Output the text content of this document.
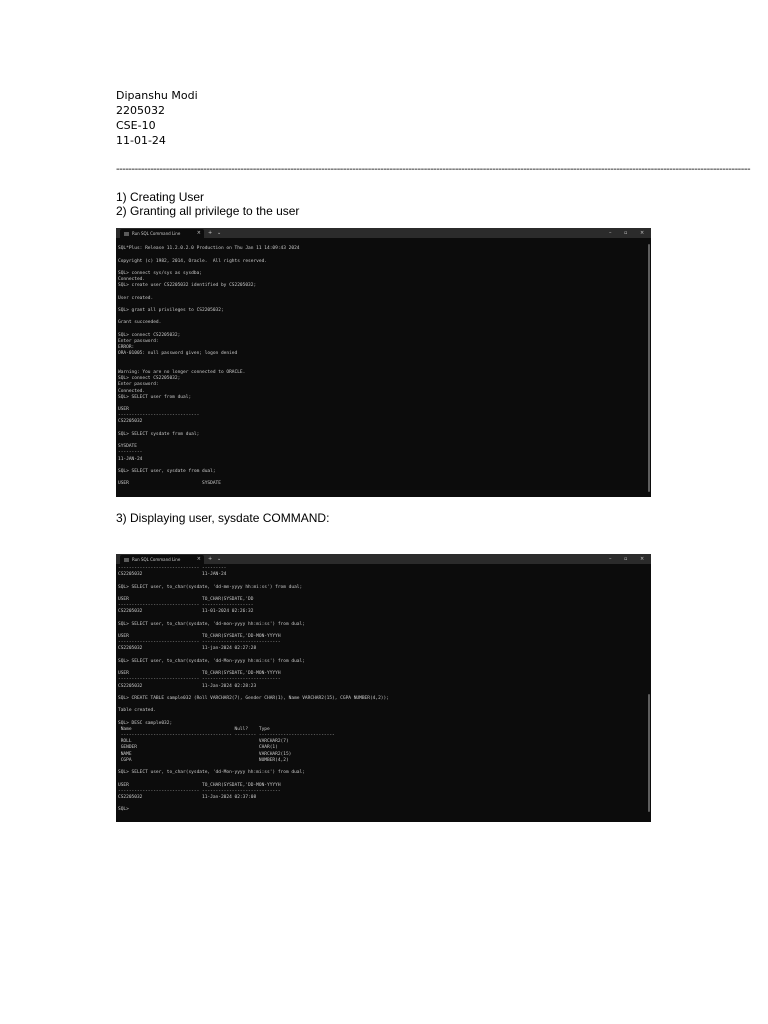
Dipanshu Modi
2205032
CSE-10
11-01-24
------------------------------------------------------------------------------------------------------------------------------------------------------------------------------------------------------------
1) Creating User
2) Granting all privilege to the user
Run SQL Command Line	× + ⌄	–	▫	×
SQL*Plus: Release 11.2.0.2.0 Production on Thu Jan 11 14:09:43 2024
Copyright (c) 1982, 2014, Oracle.  All rights reserved.
SQL> connect sys/sys as sysdba;
Connected.
SQL> create user CS2205032 identified by CS2205032;
User created.
SQL> grant all privileges to CS2205032;
Grant succeeded.
SQL> connect CS2205032;
Enter password:
ERROR:
ORA-01005: null password given; logon denied
Warning: You are no longer connected to ORACLE.
SQL> connect CS2205032;
Enter password:
Connected.
SQL> SELECT user from dual;
USER
------------------------------
CS2205032
SQL> SELECT sysdate from dual;
SYSDATE
---------
11-JAN-24
SQL> SELECT user, sysdate from dual;
USER                           SYSDATE
3) Displaying user, sysdate COMMAND:
Run SQL Command Line	× + ⌄	–	▫	×
------------------------------ ---------
CS2205032                      11-JAN-24
SQL> SELECT user, to_char(sysdate, 'dd-mm-yyyy hh:mi:ss') from dual;
USER                           TO_CHAR(SYSDATE,'DD
------------------------------ -------------------
CS2205032                      11-01-2024 02:26:32
SQL> SELECT user, to_char(sysdate, 'dd-mon-yyyy hh:mi:ss') from dual;
USER                           TO_CHAR(SYSDATE,'DD-MON-YYYYH
------------------------------ -----------------------------
CS2205032                      11-jan-2024 02:27:28
SQL> SELECT user, to_char(sysdate, 'dd-Mon-yyyy hh:mi:ss') from dual;
USER                           TO_CHAR(SYSDATE,'DD-MON-YYYYH
------------------------------ -----------------------------
CS2205032                      11-Jan-2024 02:28:23
SQL> CREATE TABLE sample032 (Roll VARCHAR2(7), Gender CHAR(1), Name VARCHAR2(15), CGPA NUMBER(4,2));
Table created.
SQL> DESC sample032;
Name                                      Null?    Type
----------------------------------------- -------- ----------------------------
ROLL                                               VARCHAR2(7)
GENDER                                             CHAR(1)
NAME                                               VARCHAR2(15)
CGPA                                               NUMBER(4,2)
SQL> SELECT user, to_char(sysdate, 'dd-Mon-yyyy hh:mi:ss') from dual;
USER                           TO_CHAR(SYSDATE,'DD-MON-YYYYH
------------------------------ -----------------------------
CS2205032                      11-Jan-2024 02:37:08
SQL>
